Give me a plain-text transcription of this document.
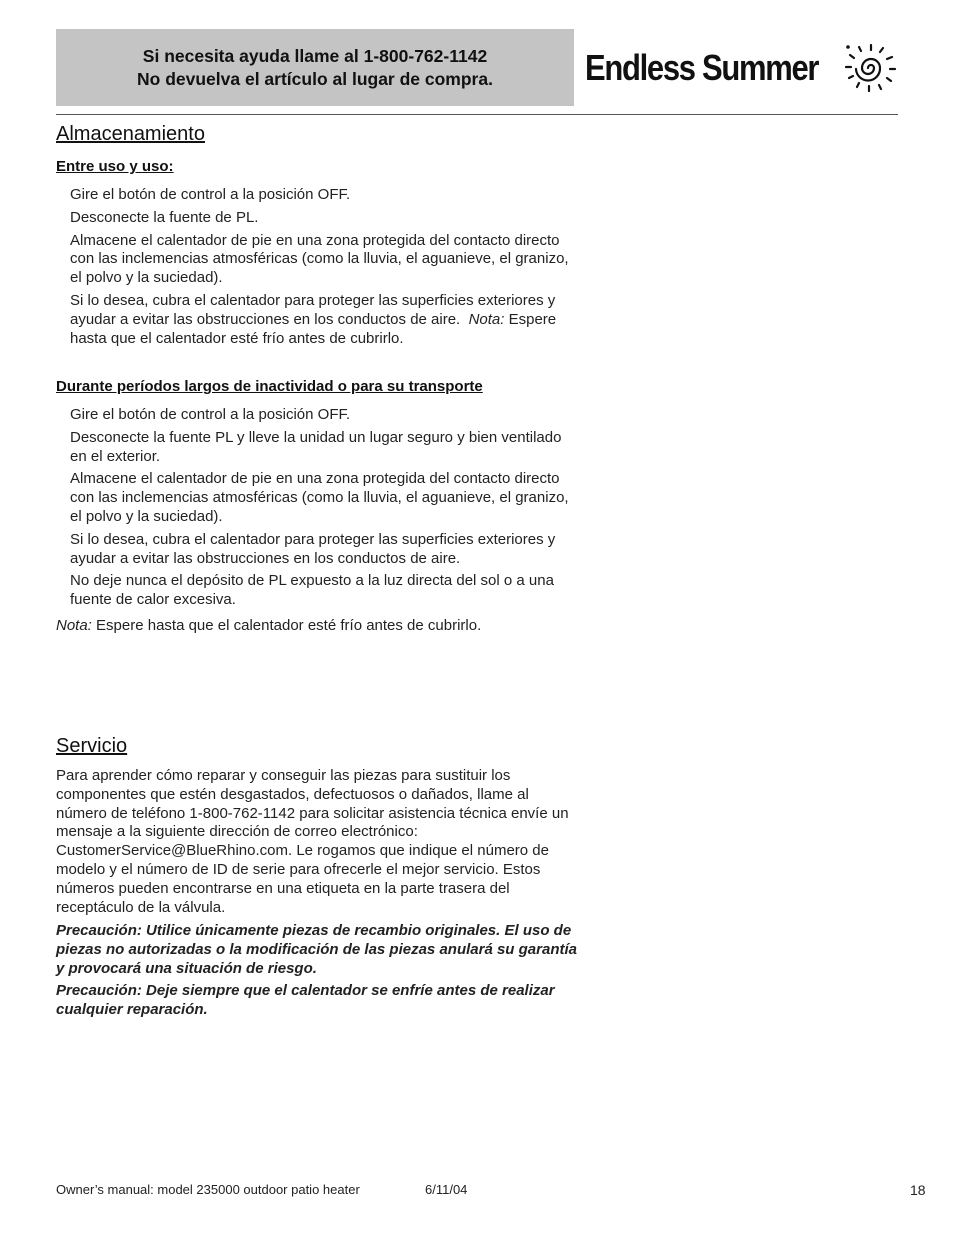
Si necesita ayuda llame al 1-800-762-1142
No devuelva el artículo al lugar de compra.	Endless Summer
Almacenamiento
Entre uso y uso:

Gire el botón de control a la posición OFF.

Desconecte la fuente de PL.

Almacene el calentador de pie en una zona protegida del contacto directo con las inclemencias atmosféricas (como la lluvia, el aguanieve, el granizo, el polvo y la suciedad).

Si lo desea, cubra el calentador para proteger las superficies exteriores y ayudar a evitar las obstrucciones en los conductos de aire. Nota: Espere hasta que el calentador esté frío antes de cubrirlo.

Durante períodos largos de inactividad o para su transporte

Gire el botón de control a la posición OFF.

Desconecte la fuente PL y lleve la unidad un lugar seguro y bien ventilado en el exterior.

Almacene el calentador de pie en una zona protegida del contacto directo con las inclemencias atmosféricas (como la lluvia, el aguanieve, el granizo, el polvo y la suciedad).

Si lo desea, cubra el calentador para proteger las superficies exteriores y ayudar a evitar las obstrucciones en los conductos de aire.

No deje nunca el depósito de PL expuesto a la luz directa del sol o a una fuente de calor excesiva.

Nota: Espere hasta que el calentador esté frío antes de cubrirlo.
Servicio

Para aprender cómo reparar y conseguir las piezas para sustituir los componentes que estén desgastados, defectuosos o dañados, llame al número de teléfono 1-800-762-1142 para solicitar asistencia técnica envíe un mensaje a la siguiente dirección de correo electrónico: CustomerService@BlueRhino.com. Le rogamos que indique el número de modelo y el número de ID de serie para ofrecerle el mejor servicio. Estos números pueden encontrarse en una etiqueta en la parte trasera del receptáculo de la válvula.

Precaución: Utilice únicamente piezas de recambio originales. El uso de piezas no autorizadas o la modificación de las piezas anulará su garantía y provocará una situación de riesgo.

Precaución: Deje siempre que el calentador se enfríe antes de realizar cualquier reparación.

Owner’s manual: model 235000 outdoor patio heater	6/11/04	18
